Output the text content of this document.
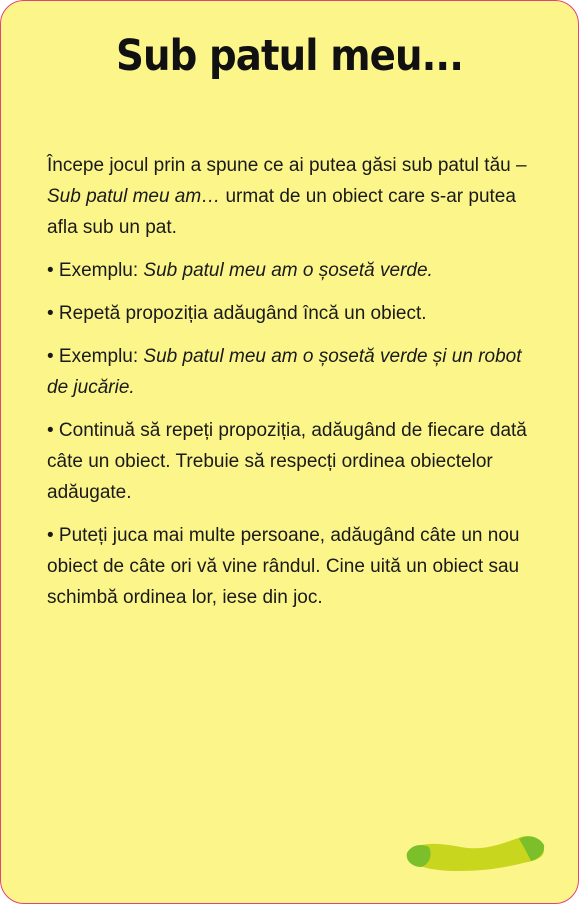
Sub patul meu...

Începe jocul prin a spune ce ai putea găsi sub patul tău – Sub patul meu am… urmat de un obiect care s-ar putea afla sub un pat.

• Exemplu: Sub patul meu am o șosetă verde.

• Repetă propoziția adăugând încă un obiect.

• Exemplu: Sub patul meu am o șosetă verde și un robot de jucărie.

• Continuă să repeți propoziția, adăugând de fiecare dată câte un obiect. Trebuie să respecți ordinea obiectelor adăugate.

• Puteți juca mai multe persoane, adăugând câte un nou obiect de câte ori vă vine rândul. Cine uită un obiect sau schimbă ordinea lor, iese din joc.
